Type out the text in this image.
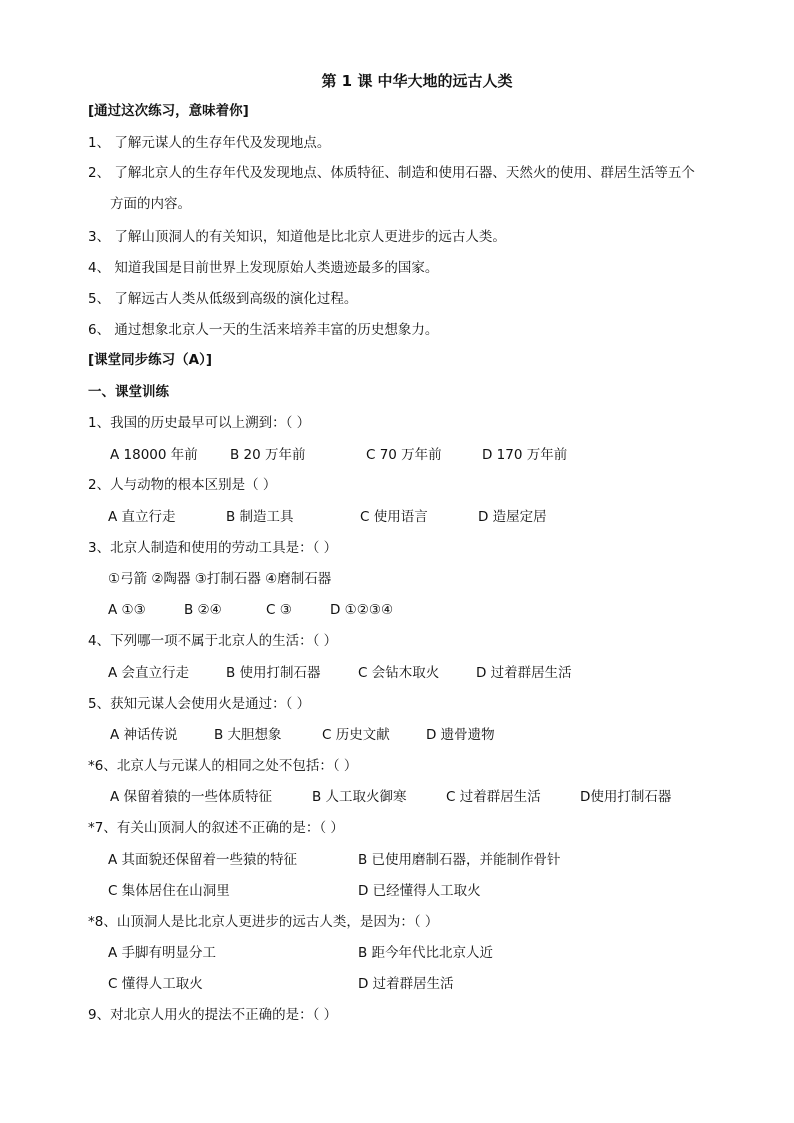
第 1 课 中华大地的远古人类
[通过这次练习，意味着你]
1、 了解元谋人的生存年代及发现地点。
2、 了解北京人的生存年代及发现地点、体质特征、制造和使用石器、天然火的使用、群居生活等五个
方面的内容。
3、 了解山顶洞人的有关知识，知道他是比北京人更进步的远古人类。
4、 知道我国是目前世界上发现原始人类遗迹最多的国家。
5、 了解远古人类从低级到高级的演化过程。
6、 通过想象北京人一天的生活来培养丰富的历史想象力。
[课堂同步练习（A）]
一、课堂训练
1、我国的历史最早可以上溯到：（ ）
A 18000 年前 B 20 万年前	C 70 万年前	D 170 万年前
2、人与动物的根本区别是（ ）
A 直立行走	B 制造工具	C 使用语言	D 造屋定居
3、北京人制造和使用的劳动工具是：（ ）
①弓箭 ②陶器 ③打制石器 ④磨制石器
A ①③	B ②④	C ③	D ①②③④
4、下列哪一项不属于北京人的生活：（ ）
A 会直立行走	B 使用打制石器	C 会钻木取火	D 过着群居生活
5、获知元谋人会使用火是通过：（ ）
A 神话传说	B 大胆想象	C 历史文献	D 遗骨遗物
*6、北京人与元谋人的相同之处不包括：（ ）
A 保留着猿的一些体质特征	B 人工取火御寒	C 过着群居生活	D使用打制石器
*7、有关山顶洞人的叙述不正确的是：（ ）
A 其面貌还保留着一些猿的特征	B 已使用磨制石器，并能制作骨针
C 集体居住在山洞里	D 已经懂得人工取火
*8、山顶洞人是比北京人更进步的远古人类，是因为：（ ）
A 手脚有明显分工	B 距今年代比北京人近
C 懂得人工取火	D 过着群居生活
9、对北京人用火的提法不正确的是：（ ）
